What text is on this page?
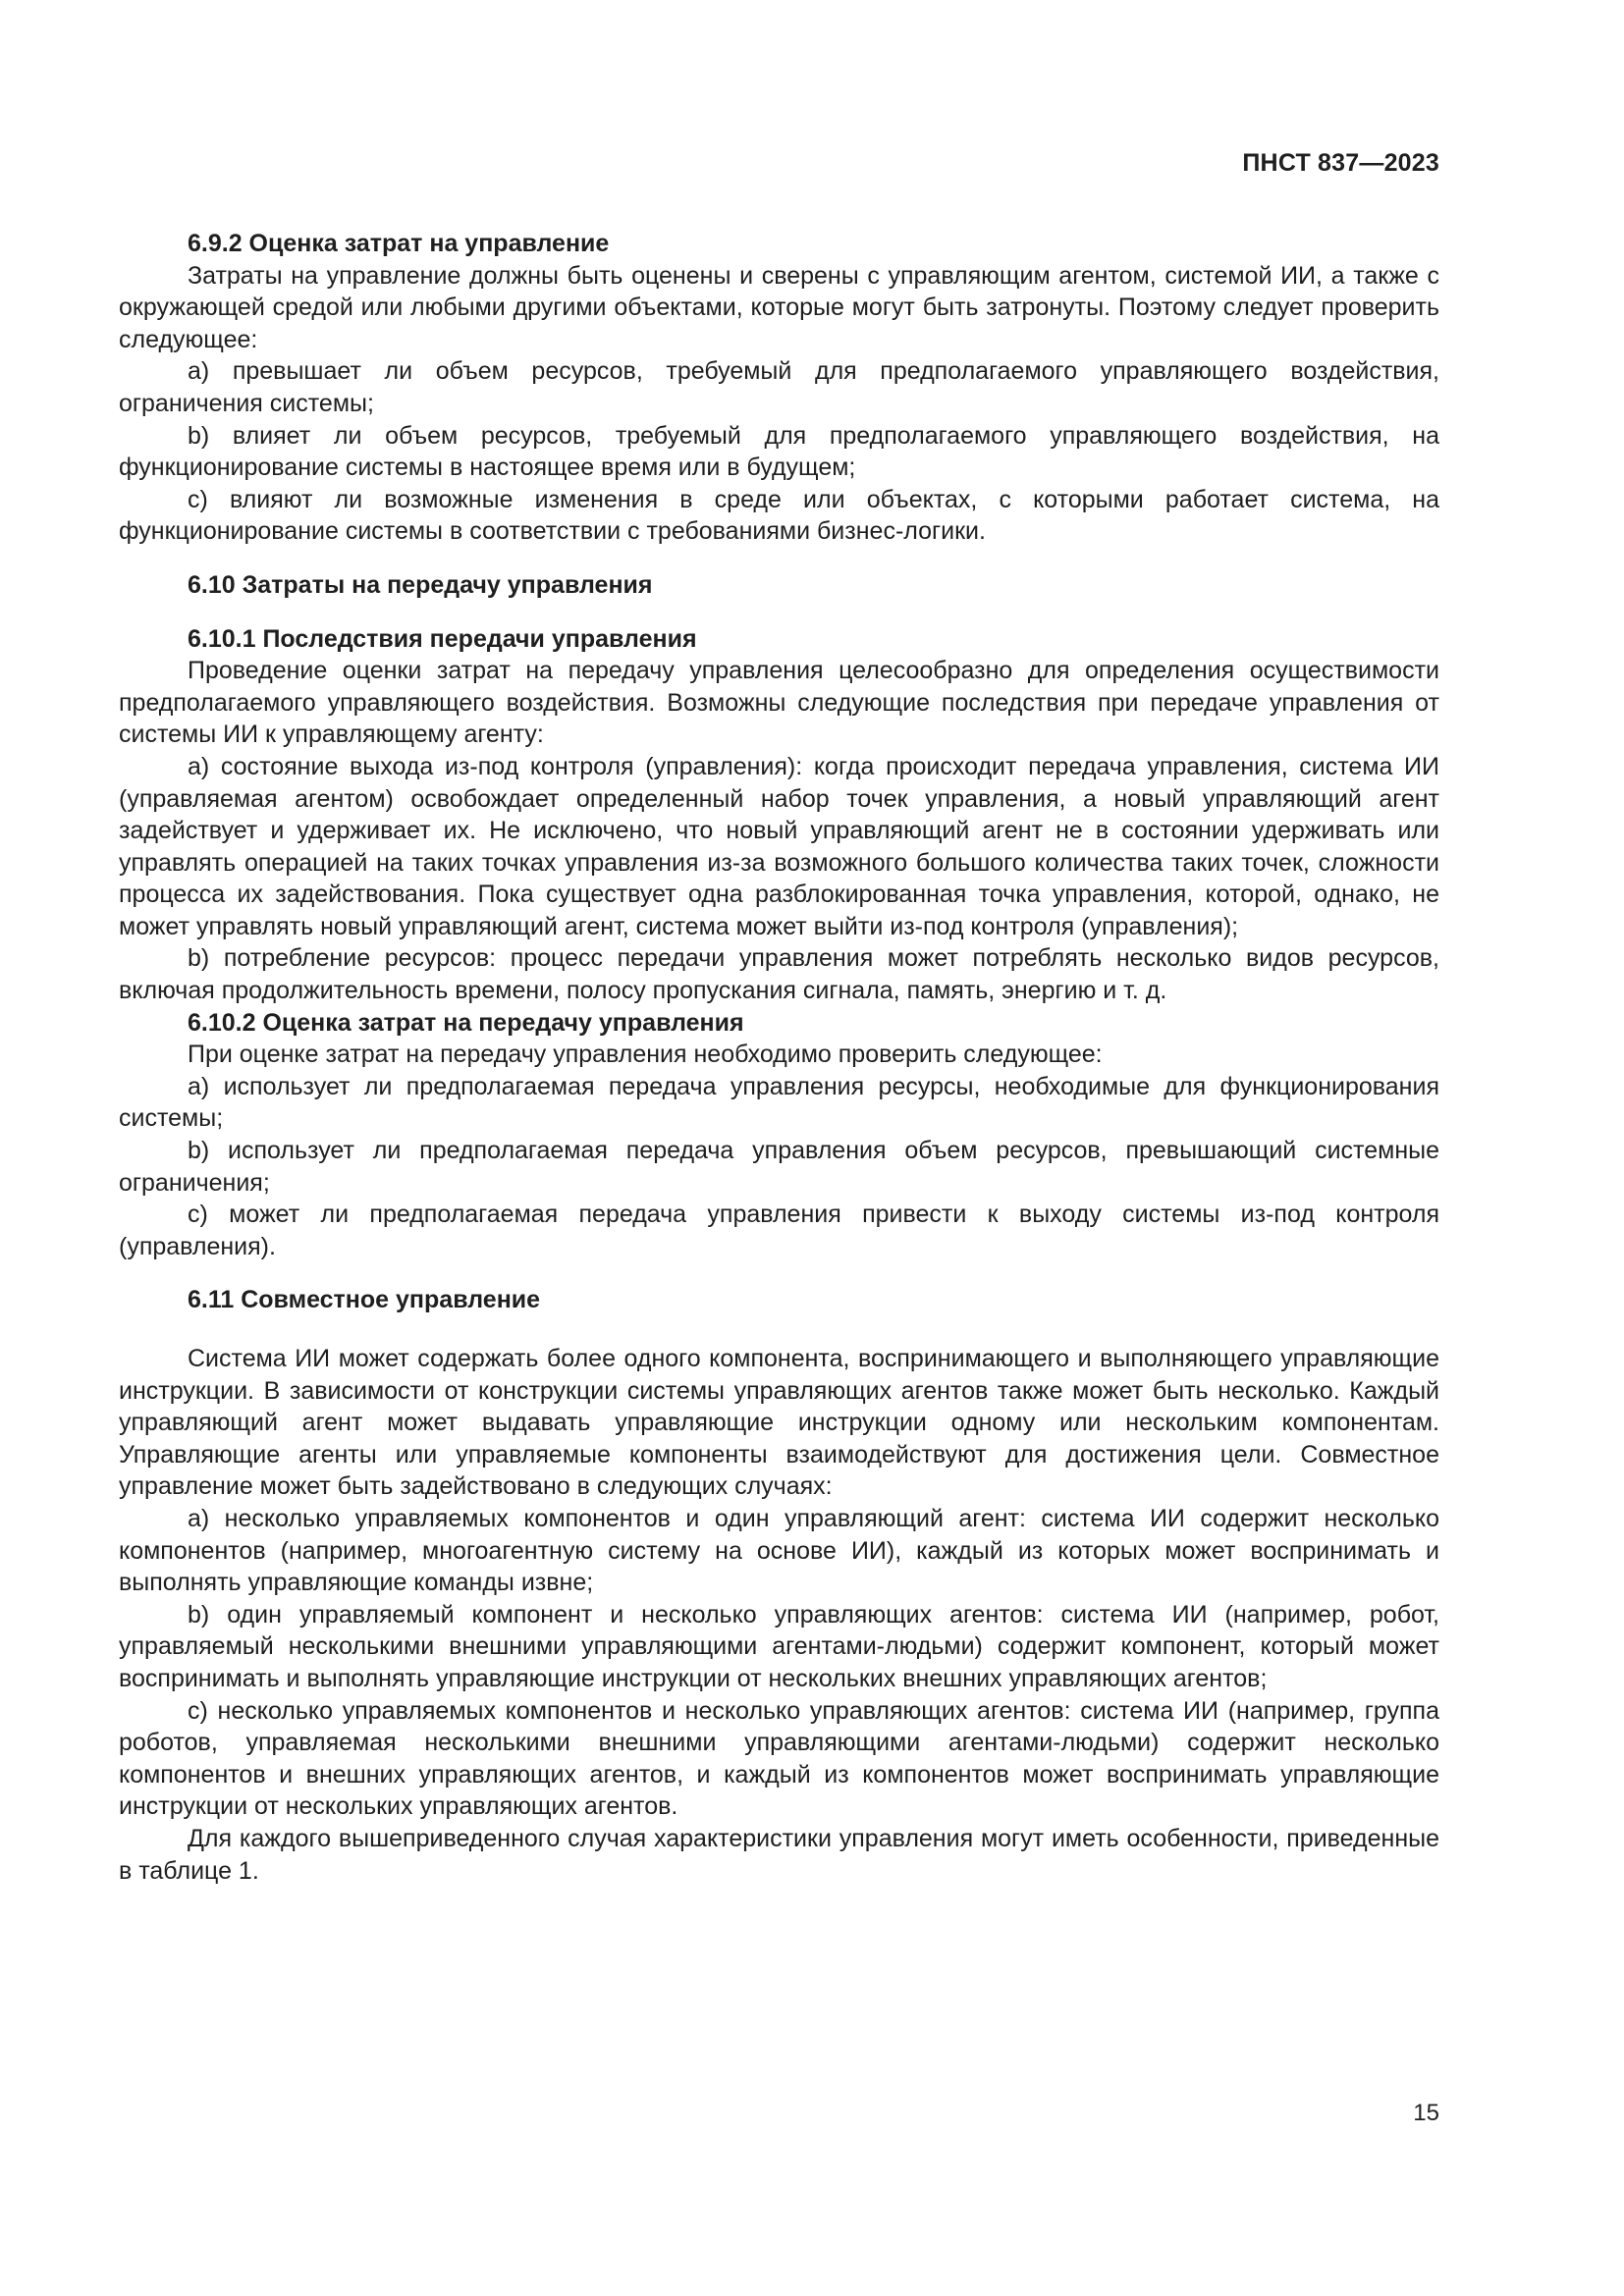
ПНСТ 837—2023
6.9.2 Оценка затрат на управление

Затраты на управление должны быть оценены и сверены с управляющим агентом, системой ИИ, а также с окружающей средой или любыми другими объектами, которые могут быть затронуты. Поэтому следует проверить следующее:

a) превышает ли объем ресурсов, требуемый для предполагаемого управляющего воздействия, ограничения системы;

b) влияет ли объем ресурсов, требуемый для предполагаемого управляющего воздействия, на функционирование системы в настоящее время или в будущем;

c) влияют ли возможные изменения в среде или объектах, с которыми работает система, на функционирование системы в соответствии с требованиями бизнес-логики.

6.10 Затраты на передачу управления
6.10.1 Последствия передачи управления

Проведение оценки затрат на передачу управления целесообразно для определения осуществимости предполагаемого управляющего воздействия. Возможны следующие последствия при передаче управления от системы ИИ к управляющему агенту:

a) состояние выхода из-под контроля (управления): когда происходит передача управления, система ИИ (управляемая агентом) освобождает определенный набор точек управления, а новый управляющий агент задействует и удерживает их. Не исключено, что новый управляющий агент не в состоянии удерживать или управлять операцией на таких точках управления из-за возможного большого количества таких точек, сложности процесса их задействования. Пока существует одна разблокированная точка управления, которой, однако, не может управлять новый управляющий агент, система может выйти из-под контроля (управления);

b) потребление ресурсов: процесс передачи управления может потреблять несколько видов ресурсов, включая продолжительность времени, полосу пропускания сигнала, память, энергию и т. д.

6.10.2 Оценка затрат на передачу управления

При оценке затрат на передачу управления необходимо проверить следующее:

a) использует ли предполагаемая передача управления ресурсы, необходимые для функционирования системы;

b) использует ли предполагаемая передача управления объем ресурсов, превышающий системные ограничения;

c) может ли предполагаемая передача управления привести к выходу системы из-под контроля (управления).

6.11 Совместное управление

Система ИИ может содержать более одного компонента, воспринимающего и выполняющего управляющие инструкции. В зависимости от конструкции системы управляющих агентов также может быть несколько. Каждый управляющий агент может выдавать управляющие инструкции одному или нескольким компонентам. Управляющие агенты или управляемые компоненты взаимодействуют для достижения цели. Совместное управление может быть задействовано в следующих случаях:

a) несколько управляемых компонентов и один управляющий агент: система ИИ содержит несколько компонентов (например, многоагентную систему на основе ИИ), каждый из которых может воспринимать и выполнять управляющие команды извне;

b) один управляемый компонент и несколько управляющих агентов: система ИИ (например, робот, управляемый несколькими внешними управляющими агентами-людьми) содержит компонент, который может воспринимать и выполнять управляющие инструкции от нескольких внешних управляющих агентов;

c) несколько управляемых компонентов и несколько управляющих агентов: система ИИ (например, группа роботов, управляемая несколькими внешними управляющими агентами-людьми) содержит несколько компонентов и внешних управляющих агентов, и каждый из компонентов может воспринимать управляющие инструкции от нескольких управляющих агентов.

Для каждого вышеприведенного случая характеристики управления могут иметь особенности, приведенные в таблице 1.

15
